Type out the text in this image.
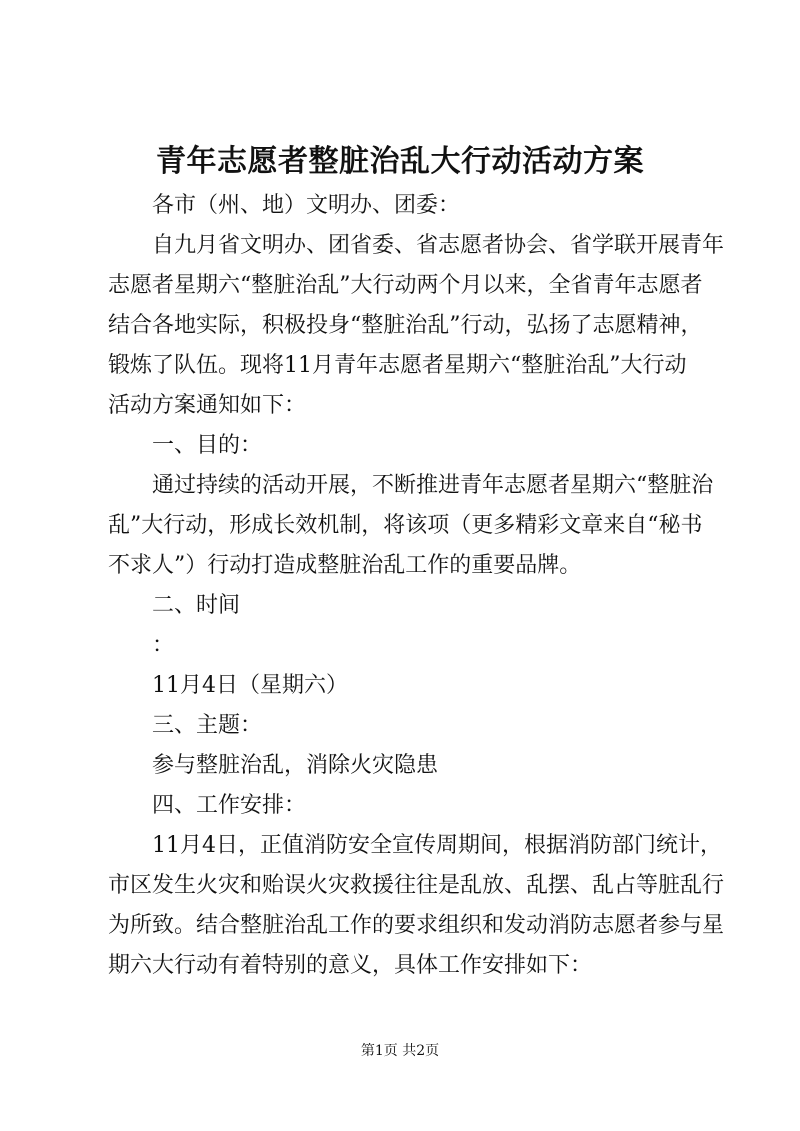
青年志愿者整脏治乱大行动活动方案

各市（州、地）文明办、团委：

自九月省文明办、团省委、省志愿者协会、省学联开展青年

志愿者星期六“整脏治乱”大行动两个月以来，全省青年志愿者

结合各地实际，积极投身“整脏治乱”行动，弘扬了志愿精神，

锻炼了队伍。现将11月青年志愿者星期六“整脏治乱”大行动

活动方案通知如下：

一、目的：

通过持续的活动开展，不断推进青年志愿者星期六“整脏治

乱”大行动，形成长效机制，将该项（更多精彩文章来自“秘书

不求人”）行动打造成整脏治乱工作的重要品牌。

二、时间

：

11月4日（星期六）

三、主题：

参与整脏治乱，消除火灾隐患

四、工作安排：

11月4日，正值消防安全宣传周期间，根据消防部门统计，

市区发生火灾和贻误火灾救援往往是乱放、乱摆、乱占等脏乱行

为所致。结合整脏治乱工作的要求组织和发动消防志愿者参与星

期六大行动有着特别的意义，具体工作安排如下：

第1页 共2页
